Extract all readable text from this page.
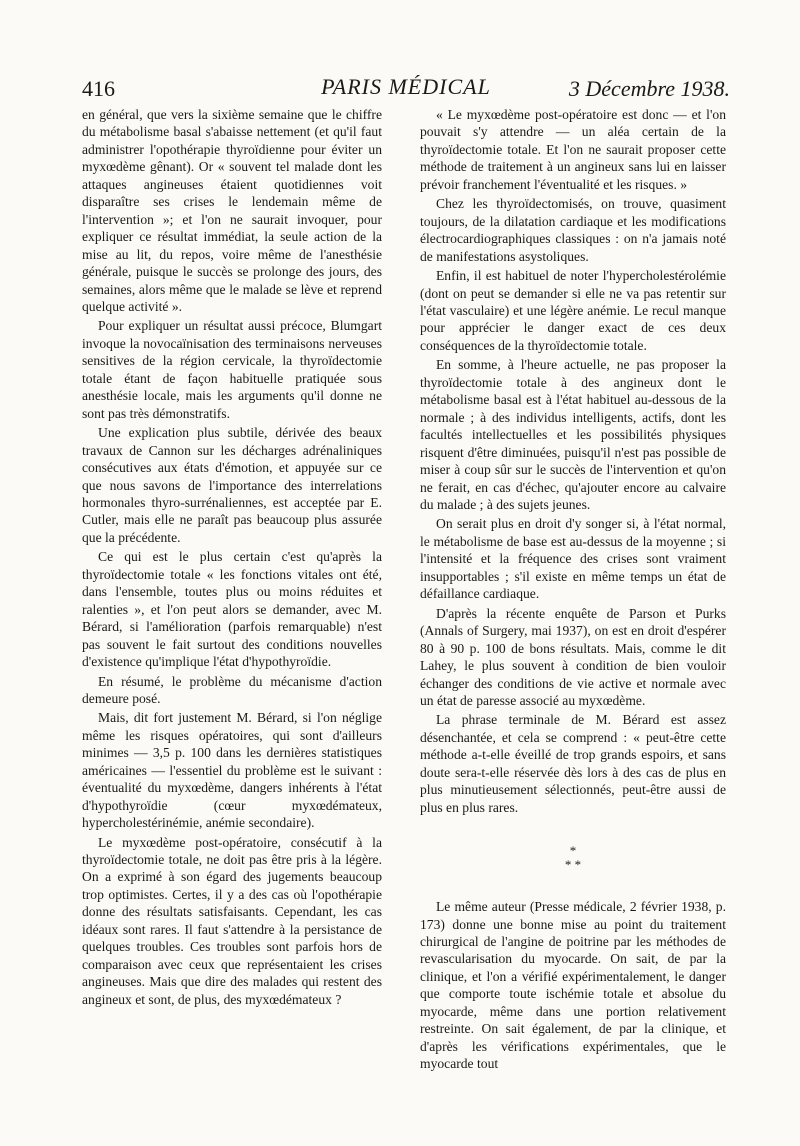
416	PARIS MÉDICAL	3 Décembre 1938.

en général, que vers la sixième semaine que le chiffre du métabolisme basal s'abaisse nettement (et qu'il faut administrer l'opothérapie thyroïdienne pour éviter un myxœdème gênant). Or « souvent tel malade dont les attaques angineuses étaient quotidiennes voit disparaître ses crises le lendemain même de l'intervention »; et l'on ne saurait invoquer, pour expliquer ce résultat immédiat, la seule action de la mise au lit, du repos, voire même de l'anesthésie générale, puisque le succès se prolonge des jours, des semaines, alors même que le malade se lève et reprend quelque activité ».

Pour expliquer un résultat aussi précoce, Blumgart invoque la novocaïnisation des terminaisons nerveuses sensitives de la région cervicale, la thyroïdectomie totale étant de façon habituelle pratiquée sous anesthésie locale, mais les arguments qu'il donne ne sont pas très démonstratifs.

Une explication plus subtile, dérivée des beaux travaux de Cannon sur les décharges adrénaliniques consécutives aux états d'émotion, et appuyée sur ce que nous savons de l'importance des interrelations hormonales thyro-surrénaliennes, est acceptée par E. Cutler, mais elle ne paraît pas beaucoup plus assurée que la précédente.

Ce qui est le plus certain c'est qu'après la thyroïdectomie totale « les fonctions vitales ont été, dans l'ensemble, toutes plus ou moins réduites et ralenties », et l'on peut alors se demander, avec M. Bérard, si l'amélioration (parfois remarquable) n'est pas souvent le fait surtout des conditions nouvelles d'existence qu'implique l'état d'hypothyroïdie.

En résumé, le problème du mécanisme d'action demeure posé.

Mais, dit fort justement M. Bérard, si l'on néglige même les risques opératoires, qui sont d'ailleurs minimes — 3,5 p. 100 dans les dernières statistiques américaines — l'essentiel du problème est le suivant : éventualité du myxœdème, dangers inhérents à l'état d'hypothyroïdie (cœur myxœdémateux, hypercholestérinémie, anémie secondaire).

Le myxœdème post-opératoire, consécutif à la thyroïdectomie totale, ne doit pas être pris à la légère. On a exprimé à son égard des jugements beaucoup trop optimistes. Certes, il y a des cas où l'opothérapie donne des résultats satisfaisants. Cependant, les cas idéaux sont rares. Il faut s'attendre à la persistance de quelques troubles. Ces troubles sont parfois hors de comparaison avec ceux que représentaient les crises angineuses. Mais que dire des malades qui restent des angineux et sont, de plus, des myxœdémateux ?

« Le myxœdème post-opératoire est donc — et l'on pouvait s'y attendre — un aléa certain de la thyroïdectomie totale. Et l'on ne saurait proposer cette méthode de traitement à un angineux sans lui en laisser prévoir franchement l'éventualité et les risques. »

Chez les thyroïdectomisés, on trouve, quasiment toujours, de la dilatation cardiaque et les modifications électrocardiographiques classiques : on n'a jamais noté de manifestations asystoliques.

Enfin, il est habituel de noter l'hypercholestérolémie (dont on peut se demander si elle ne va pas retentir sur l'état vasculaire) et une légère anémie. Le recul manque pour apprécier le danger exact de ces deux conséquences de la thyroïdectomie totale.

En somme, à l'heure actuelle, ne pas proposer la thyroïdectomie totale à des angineux dont le métabolisme basal est à l'état habituel au-dessous de la normale ; à des individus intelligents, actifs, dont les facultés intellectuelles et les possibilités physiques risquent d'être diminuées, puisqu'il n'est pas possible de miser à coup sûr sur le succès de l'intervention et qu'on ne ferait, en cas d'échec, qu'ajouter encore au calvaire du malade ; à des sujets jeunes.

On serait plus en droit d'y songer si, à l'état normal, le métabolisme de base est au-dessus de la moyenne ; si l'intensité et la fréquence des crises sont vraiment insupportables ; s'il existe en même temps un état de défaillance cardiaque.

D'après la récente enquête de Parson et Purks (Annals of Surgery, mai 1937), on est en droit d'espérer 80 à 90 p. 100 de bons résultats. Mais, comme le dit Lahey, le plus souvent à condition de bien vouloir échanger des conditions de vie active et normale avec un état de paresse associé au myxœdème.

La phrase terminale de M. Bérard est assez désenchantée, et cela se comprend : « peut-être cette méthode a-t-elle éveillé de trop grands espoirs, et sans doute sera-t-elle réservée dès lors à des cas de plus en plus minutieusement sélectionnés, peut-être aussi de plus en plus rares.

*
* *

Le même auteur (Presse médicale, 2 février 1938, p. 173) donne une bonne mise au point du traitement chirurgical de l'angine de poitrine par les méthodes de revascularisation du myocarde. On sait, de par la clinique, et l'on a vérifié expérimentalement, le danger que comporte toute ischémie totale et absolue du myocarde, même dans une portion relativement restreinte. On sait également, de par la clinique, et d'après les vérifications expérimentales, que le myocarde tout
